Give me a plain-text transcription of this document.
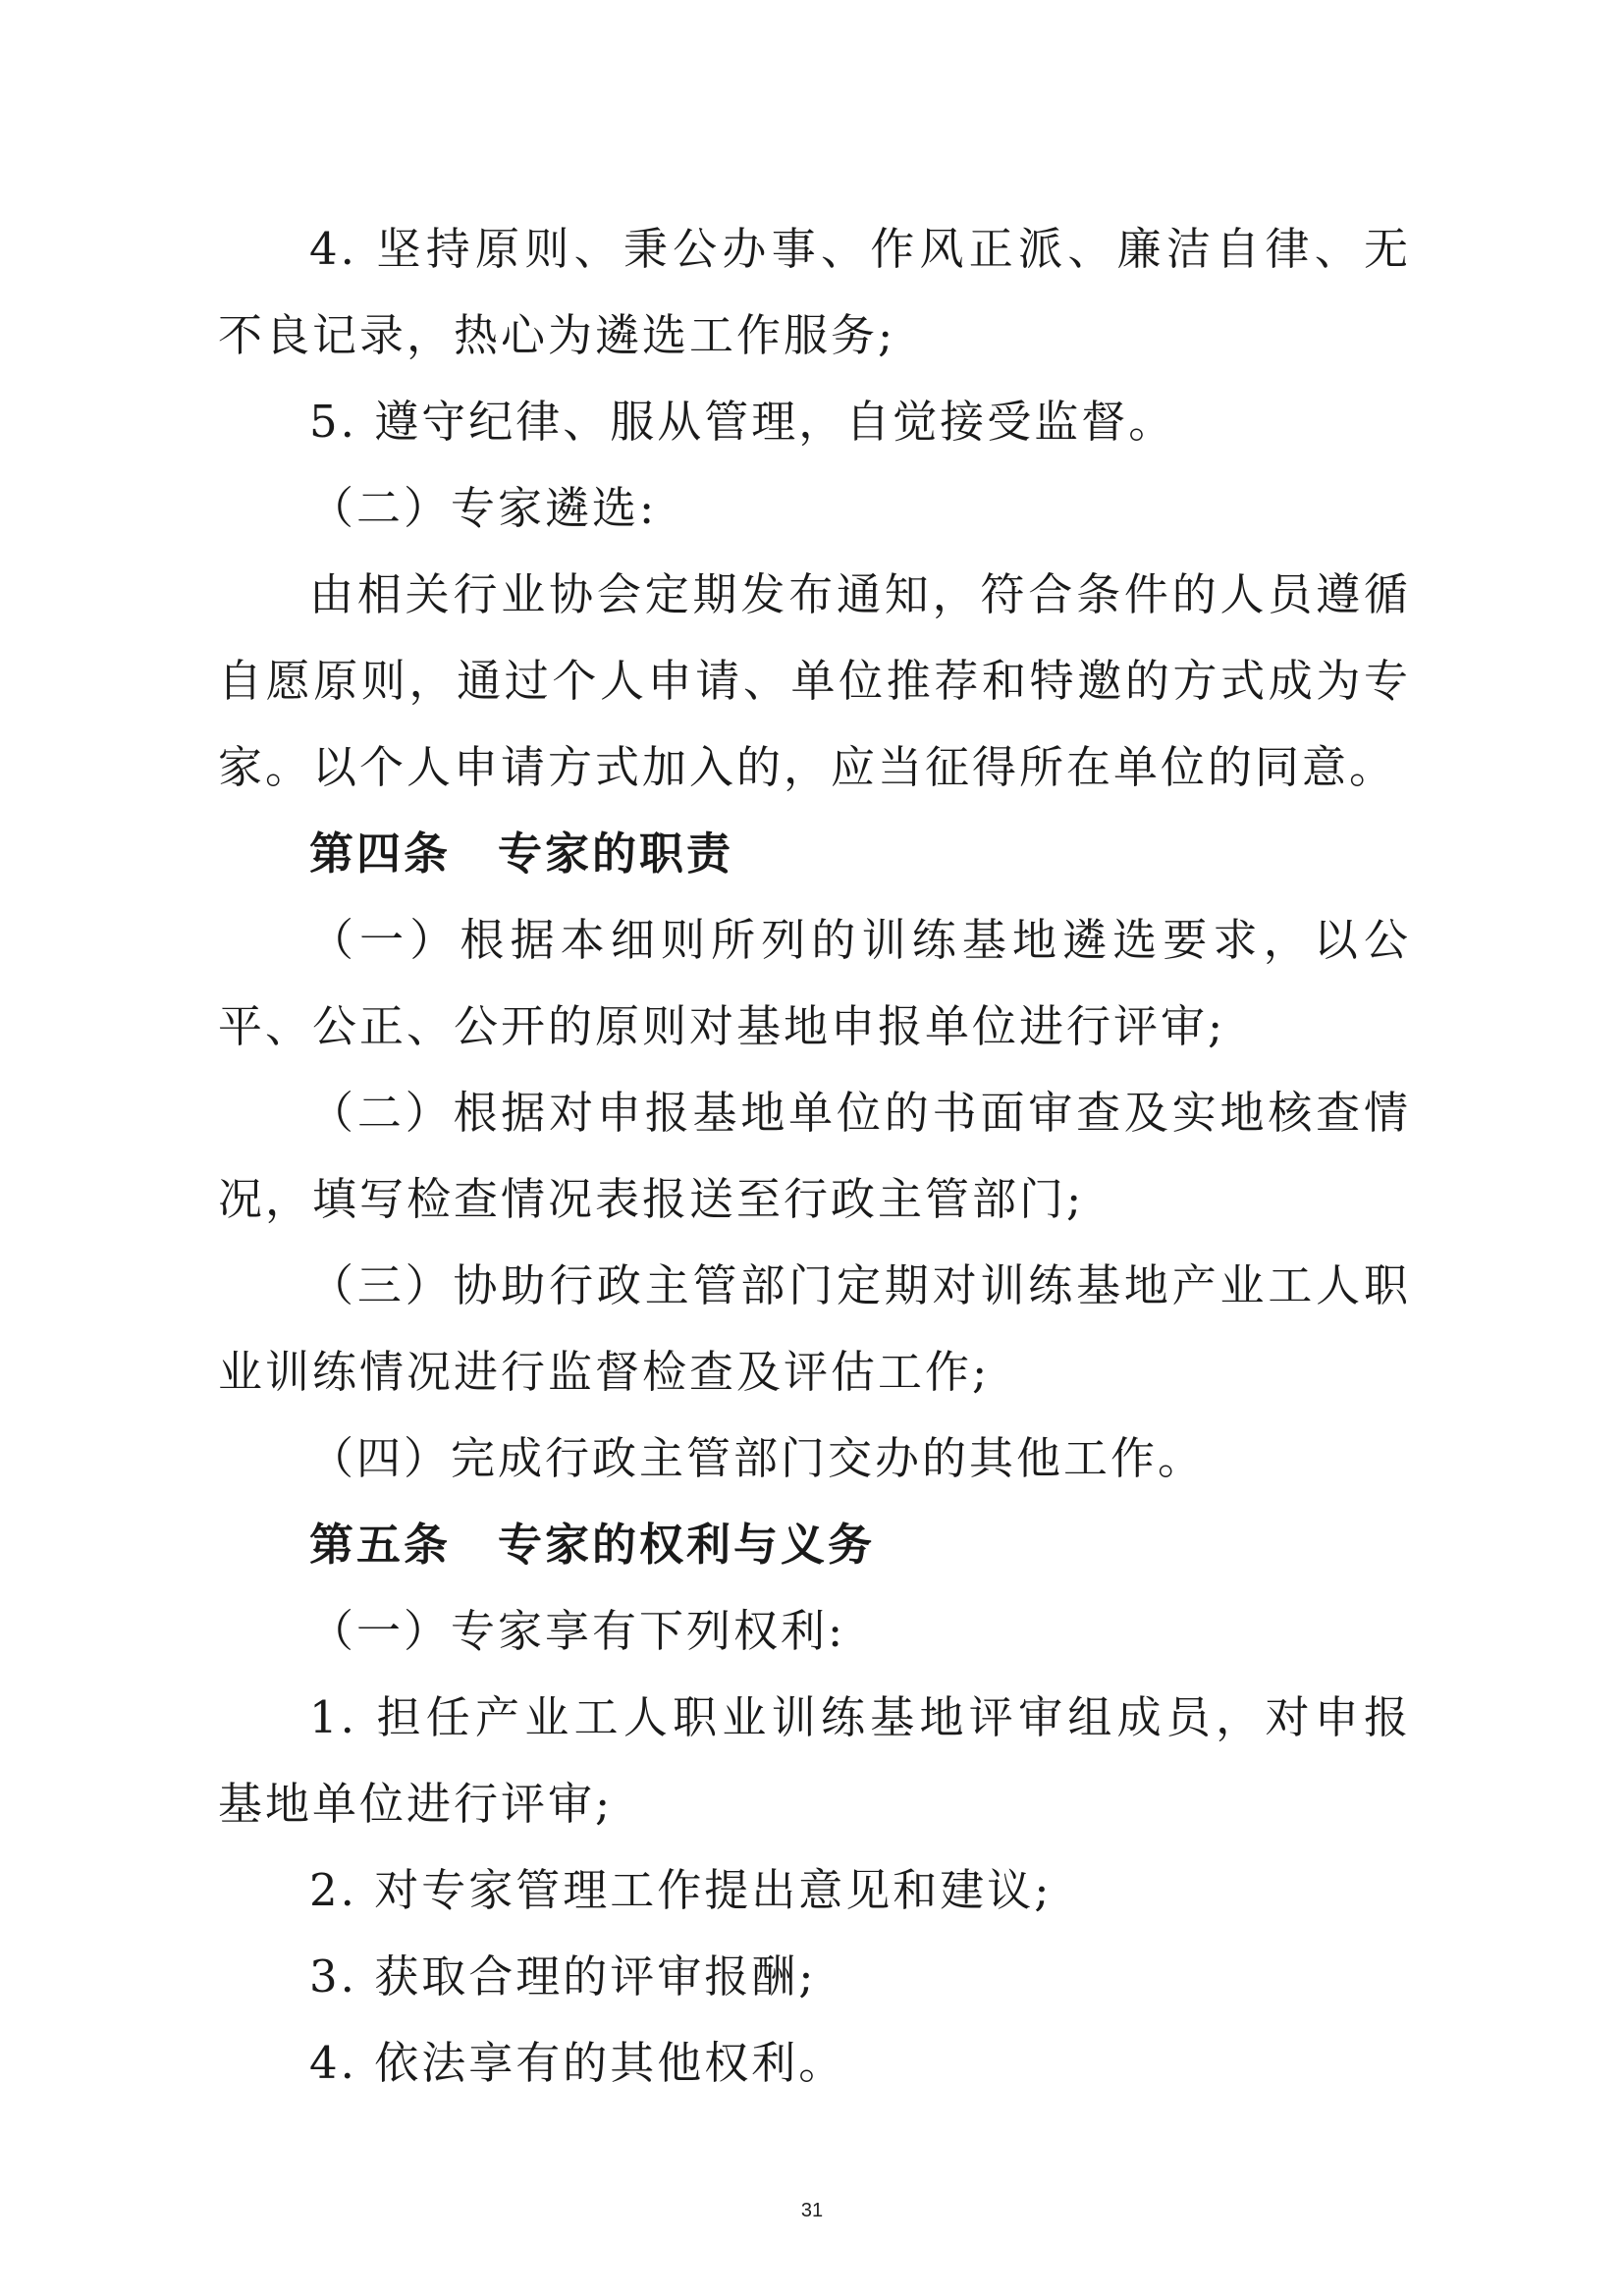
4. 坚持原则、秉公办事、作风正派、廉洁自律、无不良记录，热心为遴选工作服务;

5. 遵守纪律、服从管理，自觉接受监督。

（二）专家遴选:

由相关行业协会定期发布通知，符合条件的人员遵循自愿原则，通过个人申请、单位推荐和特邀的方式成为专家。以个人申请方式加入的，应当征得所在单位的同意。

第四条　专家的职责

（一）根据本细则所列的训练基地遴选要求，以公平、公正、公开的原则对基地申报单位进行评审;

（二）根据对申报基地单位的书面审查及实地核查情况，填写检查情况表报送至行政主管部门;

（三）协助行政主管部门定期对训练基地产业工人职业训练情况进行监督检查及评估工作;

（四）完成行政主管部门交办的其他工作。

第五条　专家的权利与义务

（一）专家享有下列权利:

1. 担任产业工人职业训练基地评审组成员，对申报基地单位进行评审;

2. 对专家管理工作提出意见和建议;

3. 获取合理的评审报酬;

4. 依法享有的其他权利。

31
